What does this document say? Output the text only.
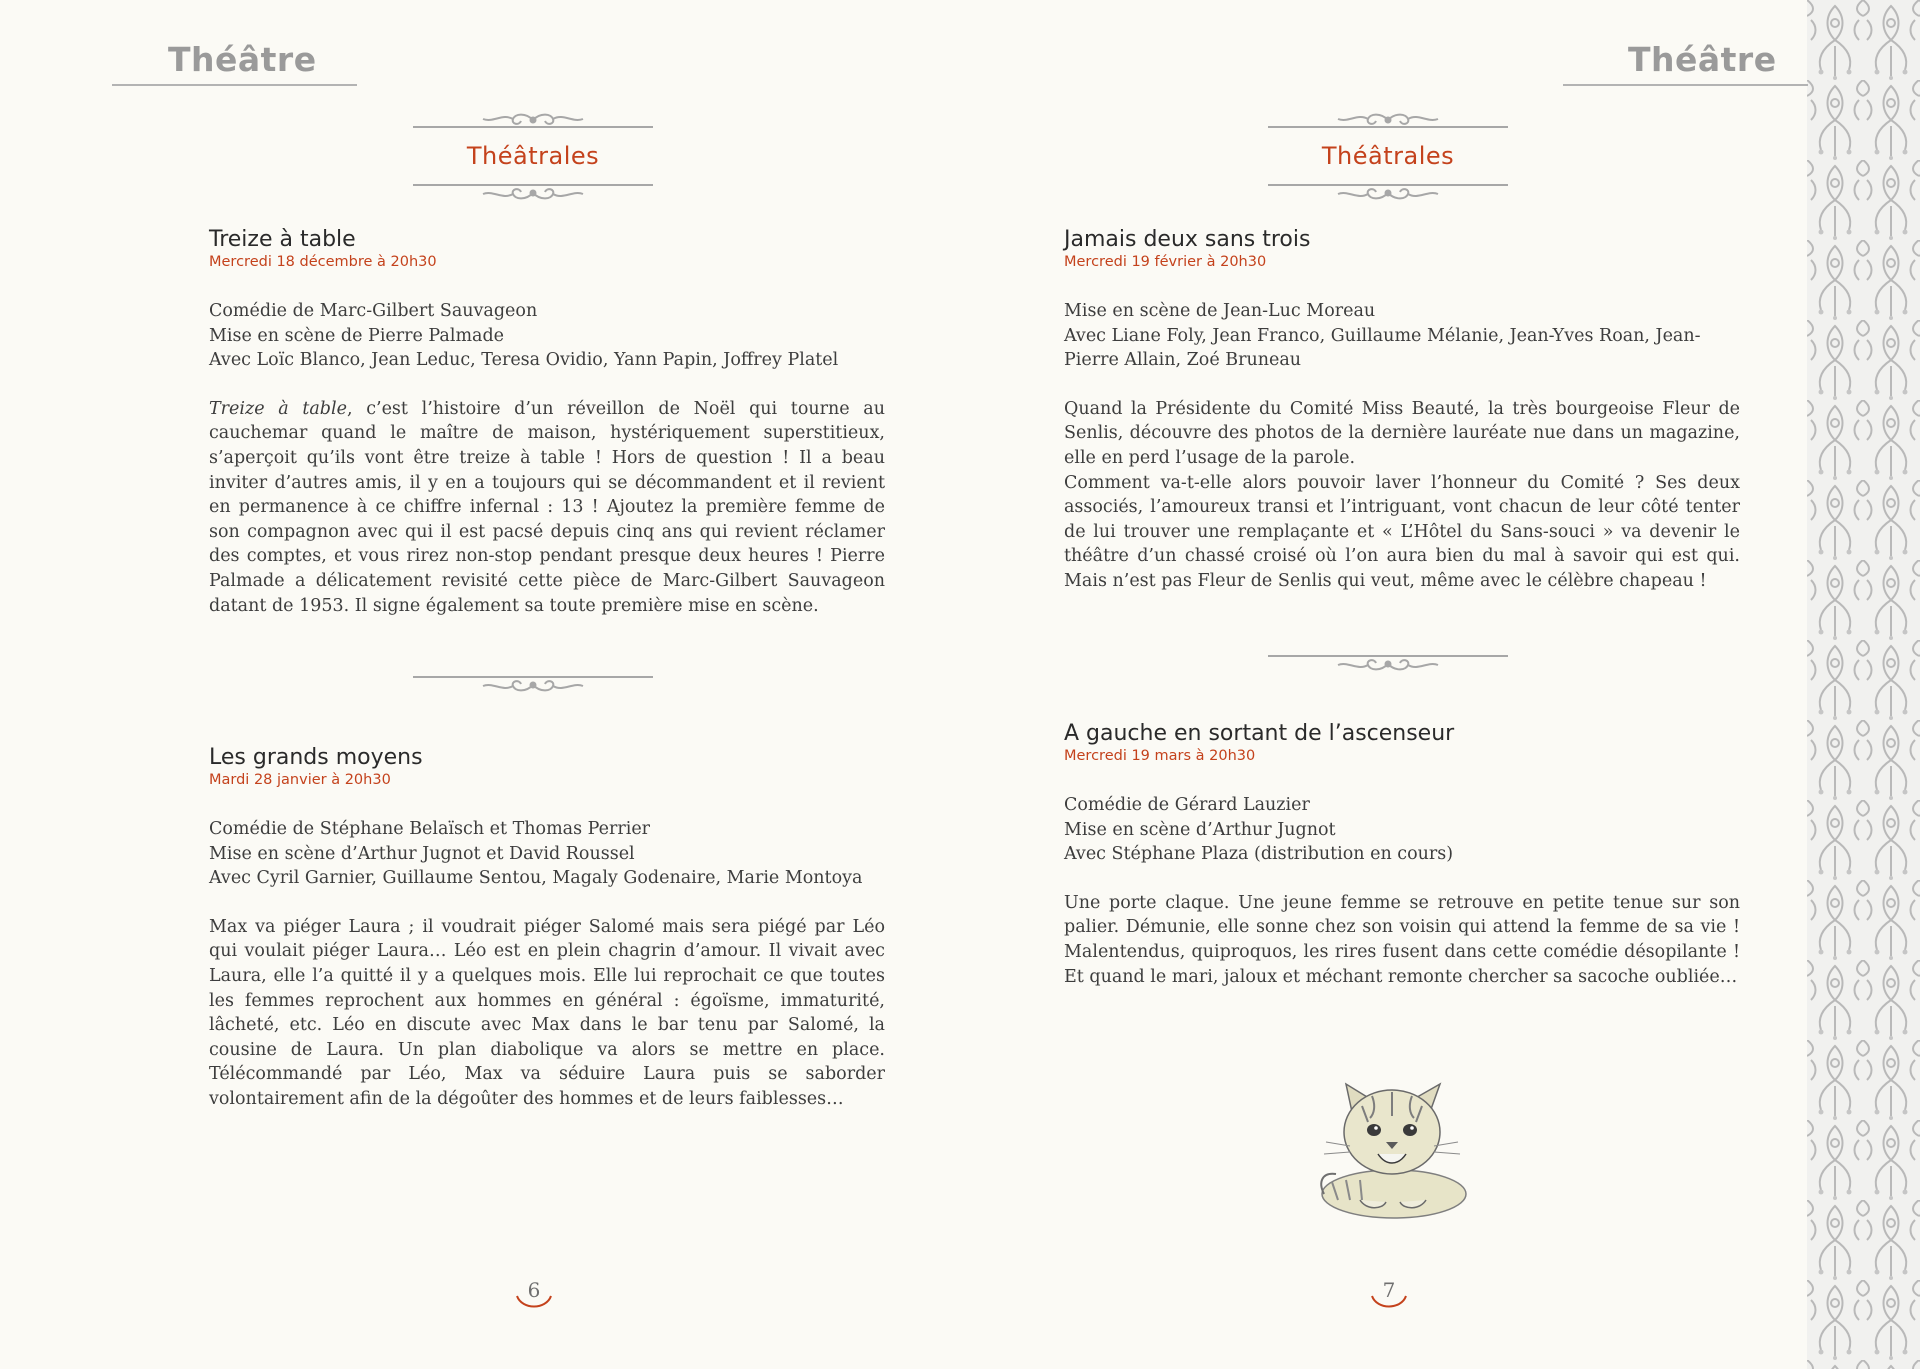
Théâtre	Théâtre
Théâtrales	Théâtrales
Treize à table
Mercredi 18 décembre à 20h30
Comédie de Marc-Gilbert Sauvageon
Mise en scène de Pierre Palmade
Avec Loïc Blanco, Jean Leduc, Teresa Ovidio, Yann Papin, Joffrey Platel

Treize à table, c’est l’histoire d’un réveillon de Noël qui tourne au cauchemar quand le maître de maison, hystériquement superstitieux, s’aperçoit qu’ils vont être treize à table ! Hors de question ! Il a beau inviter d’autres amis, il y en a toujours qui se décommandent et il revient en permanence à ce chiffre infernal : 13 ! Ajoutez la première femme de son compagnon avec qui il est pacsé depuis cinq ans qui revient réclamer des comptes, et vous rirez non-stop pendant presque deux heures ! Pierre Palmade a délicatement revisité cette pièce de Marc-Gilbert Sauvageon datant de 1953. Il signe également sa toute première mise en scène.

Les grands moyens
Mardi 28 janvier à 20h30
Comédie de Stéphane Belaïsch et Thomas Perrier
Mise en scène d’Arthur Jugnot et David Roussel
Avec Cyril Garnier, Guillaume Sentou, Magaly Godenaire, Marie Montoya

Max va piéger Laura ; il voudrait piéger Salomé mais sera piégé par Léo qui voulait piéger Laura… Léo est en plein chagrin d’amour. Il vivait avec Laura, elle l’a quitté il y a quelques mois. Elle lui reprochait ce que toutes les femmes reprochent aux hommes en général : égoïsme, immaturité, lâcheté, etc. Léo en discute avec Max dans le bar tenu par Salomé, la cousine de Laura. Un plan diabolique va alors se mettre en place. Télécommandé par Léo, Max va séduire Laura puis se saborder volontairement afin de la dégoûter des hommes et de leurs faiblesses…

Jamais deux sans trois
Mercredi 19 février à 20h30
Mise en scène de Jean-Luc Moreau
Avec Liane Foly, Jean Franco, Guillaume Mélanie, Jean-Yves Roan, Jean-Pierre Allain, Zoé Bruneau

Quand la Présidente du Comité Miss Beauté, la très bourgeoise Fleur de Senlis, découvre des photos de la dernière lauréate nue dans un magazine, elle en perd l’usage de la parole.

Comment va-t-elle alors pouvoir laver l’honneur du Comité ? Ses deux associés, l’amoureux transi et l’intriguant, vont chacun de leur côté tenter de lui trouver une remplaçante et « L’Hôtel du Sans-souci » va devenir le théâtre d’un chassé croisé où l’on aura bien du mal à savoir qui est qui. Mais n’est pas Fleur de Senlis qui veut, même avec le célèbre chapeau !

A gauche en sortant de l’ascenseur
Mercredi 19 mars à 20h30
Comédie de Gérard Lauzier
Mise en scène d’Arthur Jugnot
Avec Stéphane Plaza (distribution en cours)

Une porte claque. Une jeune femme se retrouve en petite tenue sur son palier. Démunie, elle sonne chez son voisin qui attend la femme de sa vie ! Malentendus, quiproquos, les rires fusent dans cette comédie désopilante ! Et quand le mari, jaloux et méchant remonte chercher sa sacoche oubliée…

6	7
